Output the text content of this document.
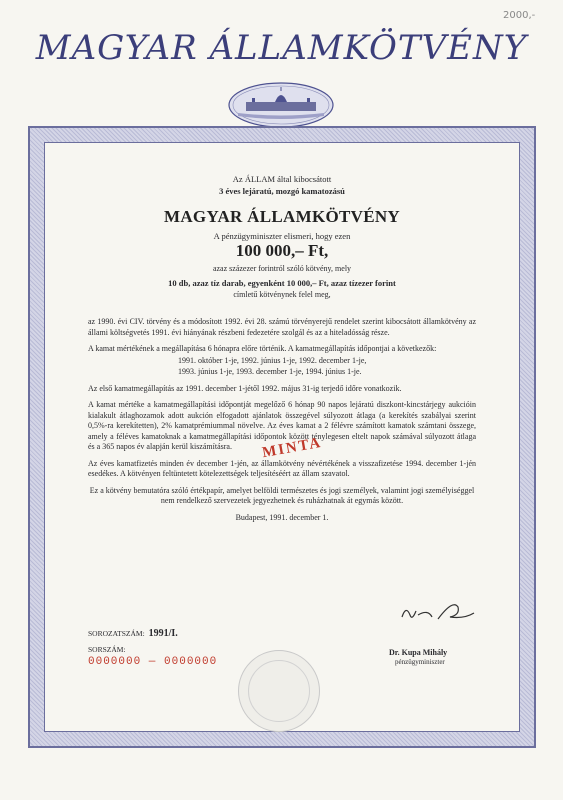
2000,-
MAGYAR ÁLLAMKÖTVÉNY
Az ÁLLAM által kibocsátott
3 éves lejáratú, mozgó kamatozású
MAGYAR ÁLLAMKÖTVÉNY
A pénzügyminiszter elismeri, hogy ezen
100 000,– Ft,
azaz százezer forintról szóló kötvény, mely
10 db, azaz tíz darab, egyenként 10 000,– Ft, azaz tízezer forint
címletű kötvénynek felel meg,
az 1990. évi CIV. törvény és a módosított 1992. évi 28. számú törvényerejű rendelet szerint kibocsátott államkötvény az állami költségvetés 1991. évi hiányának részbeni fedezetére szolgál és az a hiteladósság része.
A kamat mértékének a megállapítása 6 hónapra előre történik. A kamatmegállapítás időpontjai a következők:
1991. október 1-je, 1992. június 1-je, 1992. december 1-je,
1993. június 1-je, 1993. december 1-je, 1994. június 1-je.
Az első kamatmegállapítás az 1991. december 1-jétől 1992. május 31-ig terjedő időre vonatkozik.
A kamat mértéke a kamatmegállapítási időpontját megelőző 6 hónap 90 napos lejáratú diszkont-kincstárjegy aukcióin kialakult átlaghozamok adott aukción elfogadott ajánlatok összegével súlyozott átlaga (a kerekítés szabályai szerint 0,5%-ra kerekítetten), 2% kamatprémiummal növelve. Az éves kamat a 2 félévre számított kamatok számtani összege, amely a féléves kamatoknak a kamatmegállapítási időpontok között ténylegesen eltelt napok számával súlyozott átlaga és a 365 napos év alapján kerül kiszámításra.
Az éves kamatfizetés minden év december 1-jén, az államkötvény névértékének a visszafizetése 1994. december 1-jén esedékes. A kötvényen feltüntetett kötelezettségek teljesítéséért az állam szavatol.
Ez a kötvény bemutatóra szóló értékpapír, amelyet belföldi természetes és jogi személyek, valamint jogi személyiséggel nem rendelkező szervezetek jegyezhetnek és ruházhatnak át egymás között.
Budapest, 1991. december 1.
MINTA
SOROZATSZÁM: 1991/I.
SORSZÁM:
0000000 — 0000000
Dr. Kupa Mihály
pénzügyminiszter
